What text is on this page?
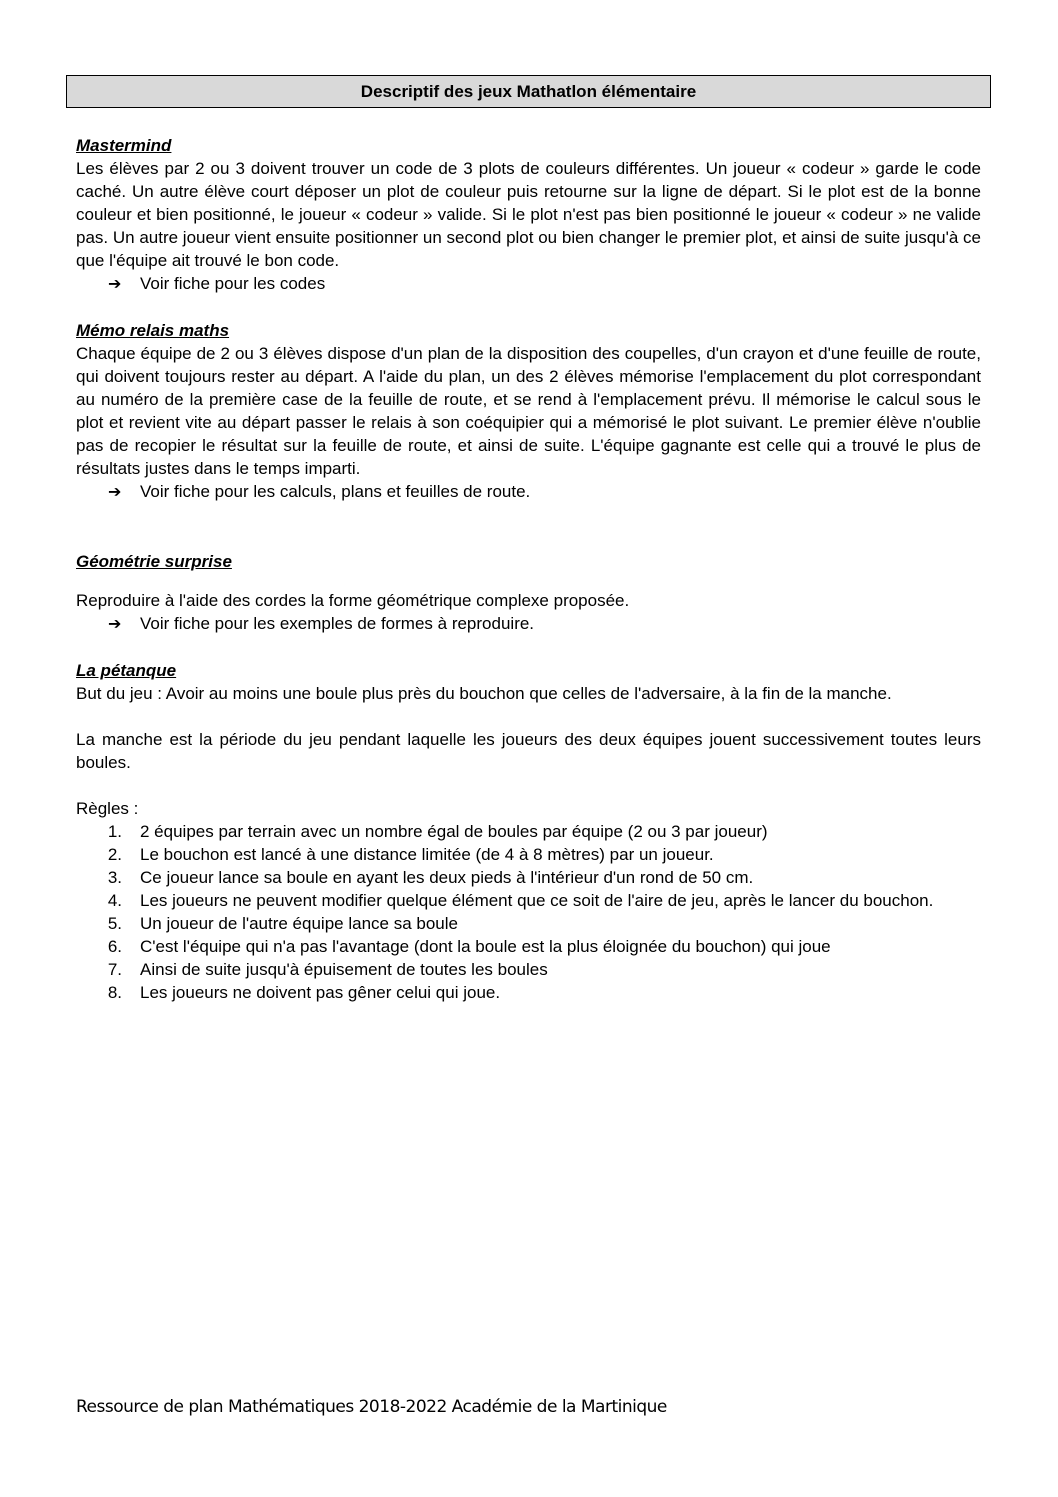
Descriptif des jeux Mathatlon élémentaire

Mastermind

Les élèves par 2 ou 3 doivent trouver un code de 3 plots de couleurs différentes. Un joueur « codeur » garde le code caché. Un autre élève court déposer un plot de couleur puis retourne sur la ligne de départ. Si le plot est de la bonne couleur et bien positionné, le joueur « codeur » valide. Si le plot n'est pas bien positionné le joueur « codeur » ne valide pas. Un autre joueur vient ensuite positionner un second plot ou bien changer le premier plot, et ainsi de suite jusqu'à ce que l'équipe ait trouvé le bon code.

➔	Voir fiche pour les codes

Mémo relais maths

Chaque équipe de 2 ou 3 élèves dispose d'un plan de la disposition des coupelles, d'un crayon et d'une feuille de route, qui doivent toujours rester au départ. A l'aide du plan, un des 2 élèves mémorise l'emplacement du plot correspondant au numéro de la première case de la feuille de route, et se rend à l'emplacement prévu. Il mémorise le calcul sous le plot et revient vite au départ passer le relais à son coéquipier qui a mémorisé le plot suivant. Le premier élève n'oublie pas de recopier le résultat sur la feuille de route, et ainsi de suite. L'équipe gagnante est celle qui a trouvé le plus de résultats justes dans le temps imparti.

➔	Voir fiche pour les calculs, plans et feuilles de route.

Géométrie surprise

Reproduire à l'aide des cordes la forme géométrique complexe proposée.

➔	Voir fiche pour les exemples de formes à reproduire.

La pétanque

But du jeu : Avoir au moins une boule plus près du bouchon que celles de l'adversaire, à la fin de la manche.

La manche est la période du jeu pendant laquelle les joueurs des deux équipes jouent successivement toutes leurs boules.

Règles :

1.	2 équipes par terrain avec un nombre égal de boules par équipe (2 ou 3 par joueur)
2.	Le bouchon est lancé à une distance limitée (de 4 à 8 mètres) par un joueur.
3.	Ce joueur lance sa boule en ayant les deux pieds à l'intérieur d'un rond de 50 cm.
4.	Les joueurs ne peuvent modifier quelque élément que ce soit de l'aire de jeu, après le lancer du bouchon.
5.	Un joueur de l'autre équipe lance sa boule
6.	C'est l'équipe qui n'a pas l'avantage (dont la boule est la plus éloignée du bouchon) qui joue
7.	Ainsi de suite jusqu'à épuisement de toutes les boules
8.	Les joueurs ne doivent pas gêner celui qui joue.
Ressource de plan Mathématiques 2018-2022 Académie de la Martinique
